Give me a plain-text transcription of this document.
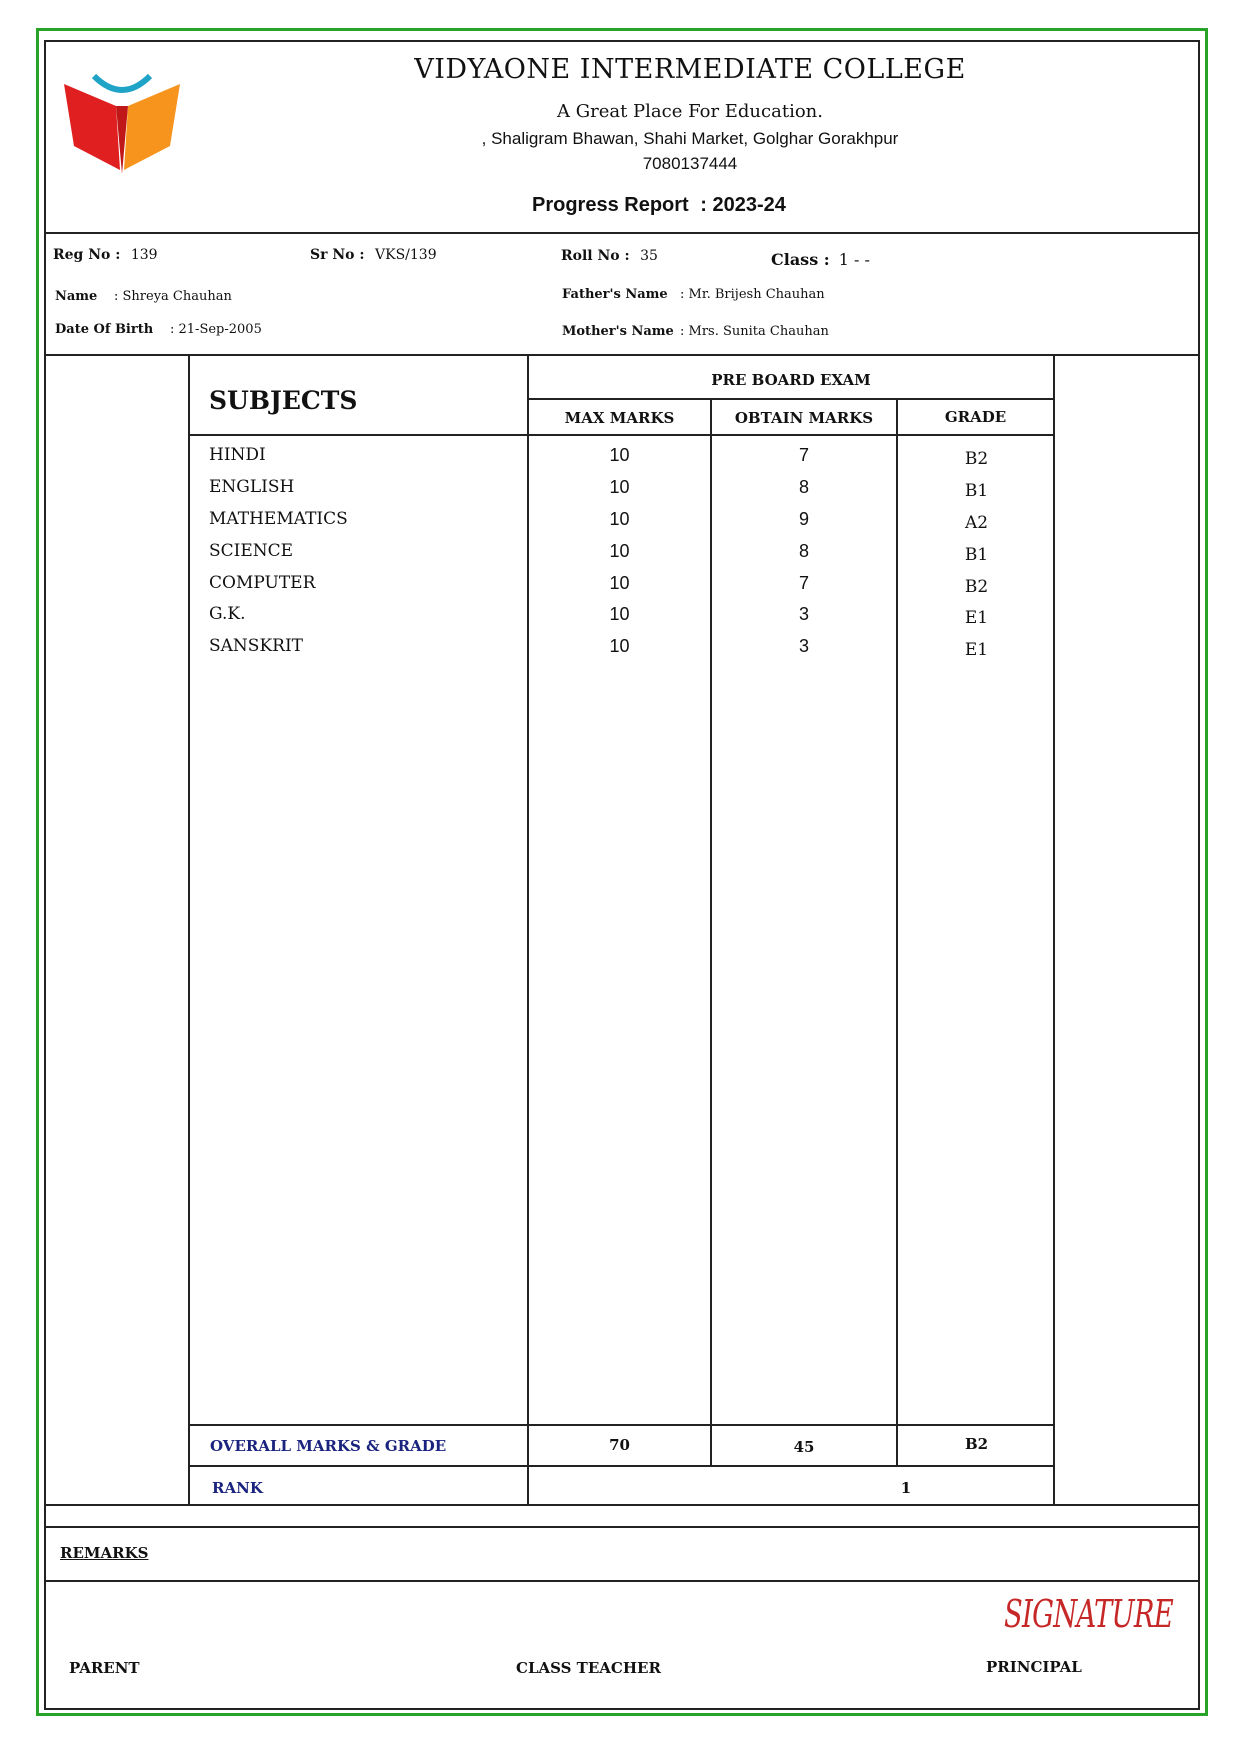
VIDYAONE INTERMEDIATE COLLEGE
A Great Place For Education.
, Shaligram Bhawan, Shahi Market, Golghar Gorakhpur
7080137444
Progress Report : 2023-24
Reg No : 139	Sr No : VKS/139	Roll No : 35	Class : 1 - -
Name : Shreya Chauhan	Father's Name : Mr. Brijesh Chauhan
Date Of Birth : 21-Sep-2005	Mother's Name : Mrs. Sunita Chauhan
SUBJECTS
PRE BOARD EXAM
MAX MARKS	OBTAIN MARKS	GRADE
HINDI	10	7	B2
ENGLISH	10	8	B1
MATHEMATICS	10	9	A2
SCIENCE	10	8	B1
COMPUTER	10	7	B2
G.K.	10	3	E1
SANSKRIT	10	3	E1
OVERALL MARKS & GRADE	70	45	B2
RANK	1
REMARKS
SIGNATURE
PARENT	CLASS TEACHER	PRINCIPAL
